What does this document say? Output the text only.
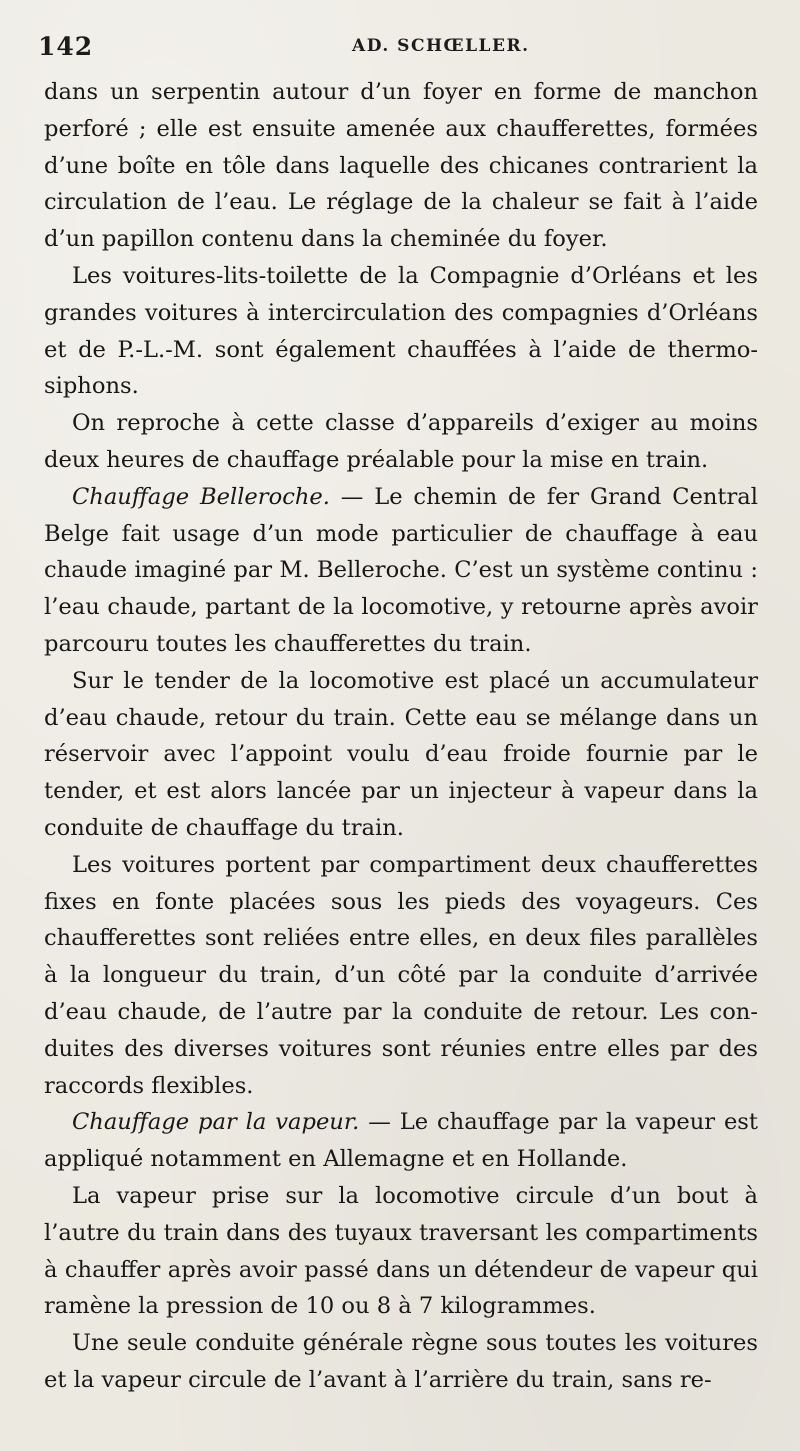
142	AD. SCHŒLLER.

dans un serpentin autour d’un foyer en forme de manchon perforé ; elle est ensuite amenée aux chaufferettes, formées d’une boîte en tôle dans laquelle des chicanes contrarient la circulation de l’eau. Le réglage de la chaleur se fait à l’aide d’un papillon contenu dans la cheminée du foyer.

Les voitures-lits-toilette de la Compagnie d’Orléans et les grandes voitures à intercirculation des compagnies d’Orléans et de P.-L.-M. sont également chauffées à l’aide de thermo-siphons.

On reproche à cette classe d’appareils d’exiger au moins deux heures de chauffage préalable pour la mise en train.

Chauffage Belleroche. — Le chemin de fer Grand Central Belge fait usage d’un mode particulier de chauffage à eau chaude imaginé par M. Belleroche. C’est un système continu : l’eau chaude, partant de la locomotive, y retourne après avoir parcouru toutes les chaufferettes du train.

Sur le tender de la locomotive est placé un accumulateur d’eau chaude, retour du train. Cette eau se mélange dans un réservoir avec l’appoint voulu d’eau froide fournie par le tender, et est alors lancée par un injecteur à vapeur dans la conduite de chauffage du train.

Les voitures portent par compartiment deux chaufferettes fixes en fonte placées sous les pieds des voyageurs. Ces chaufferettes sont reliées entre elles, en deux files parallèles à la longueur du train, d’un côté par la conduite d’arrivée d’eau chaude, de l’autre par la conduite de retour. Les conduites des diverses voitures sont réunies entre elles par des raccords flexibles.

Chauffage par la vapeur. — Le chauffage par la vapeur est appliqué notamment en Allemagne et en Hollande.

La vapeur prise sur la locomotive circule d’un bout à l’autre du train dans des tuyaux traversant les compartiments à chauffer après avoir passé dans un détendeur de vapeur qui ramène la pression de 10 ou 8 à 7 kilogrammes.

Une seule conduite générale règne sous toutes les voitures et la vapeur circule de l’avant à l’arrière du train, sans re-
